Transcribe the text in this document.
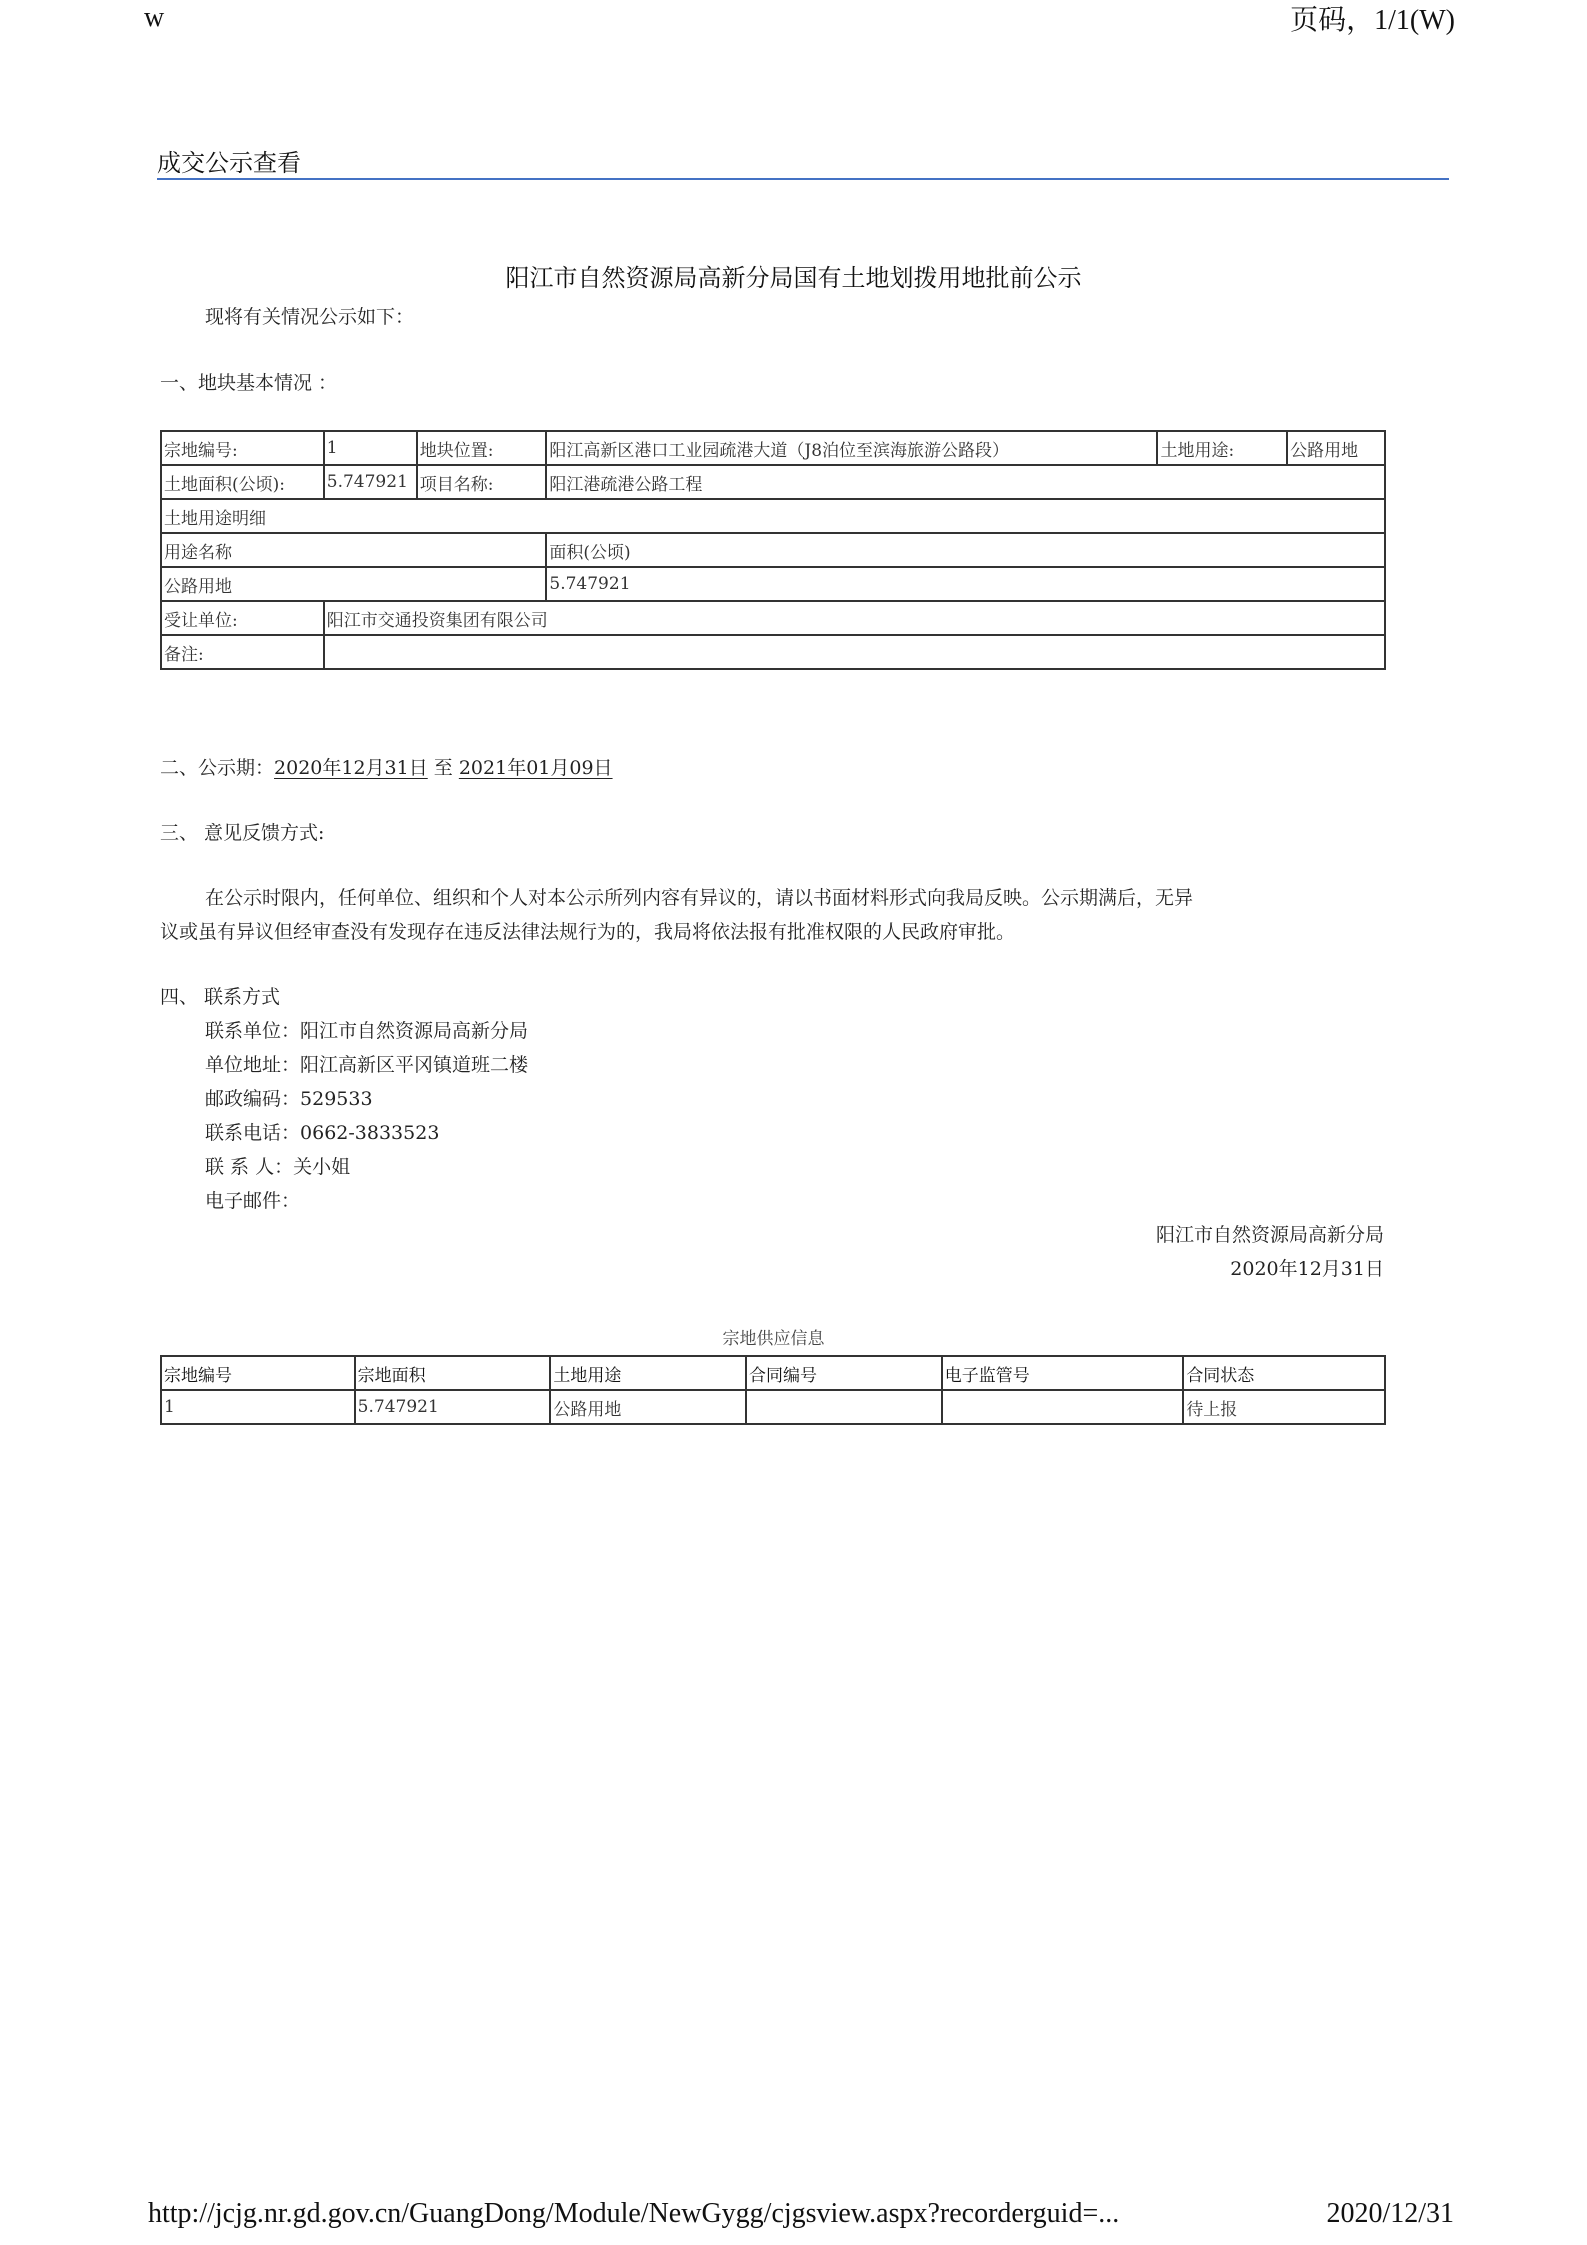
w	页码，1/1(W)
成交公示查看
阳江市自然资源局高新分局国有土地划拨用地批前公示
现将有关情况公示如下：
一、地块基本情况 ：
宗地编号:	1	地块位置:	阳江高新区港口工业园疏港大道（J8泊位至滨海旅游公路段）	土地用途:	公路用地
土地面积(公顷):	5.747921	项目名称:	阳江港疏港公路工程		
土地用途明细					
用途名称			面积(公顷)		
公路用地			5.747921		
受让单位:	阳江市交通投资集团有限公司				
备注:					
二、公示期：2020年12月31日 至 2021年01月09日
三、 意见反馈方式:
在公示时限内，任何单位、组织和个人对本公示所列内容有异议的，请以书面材料形式向我局反映。公示期满后，无异
议或虽有异议但经审查没有发现存在违反法律法规行为的，我局将依法报有批准权限的人民政府审批。
四、 联系方式
联系单位：阳江市自然资源局高新分局
单位地址：阳江高新区平冈镇道班二楼
邮政编码：529533
联系电话：0662-3833523
联 系 人：关小姐
电子邮件：
阳江市自然资源局高新分局
2020年12月31日
宗地供应信息
宗地编号	宗地面积	土地用途	合同编号	电子监管号	合同状态
1	5.747921	公路用地			待上报
http://jcjg.nr.gd.gov.cn/GuangDong/Module/NewGygg/cjgsview.aspx?recorderguid=...	2020/12/31
